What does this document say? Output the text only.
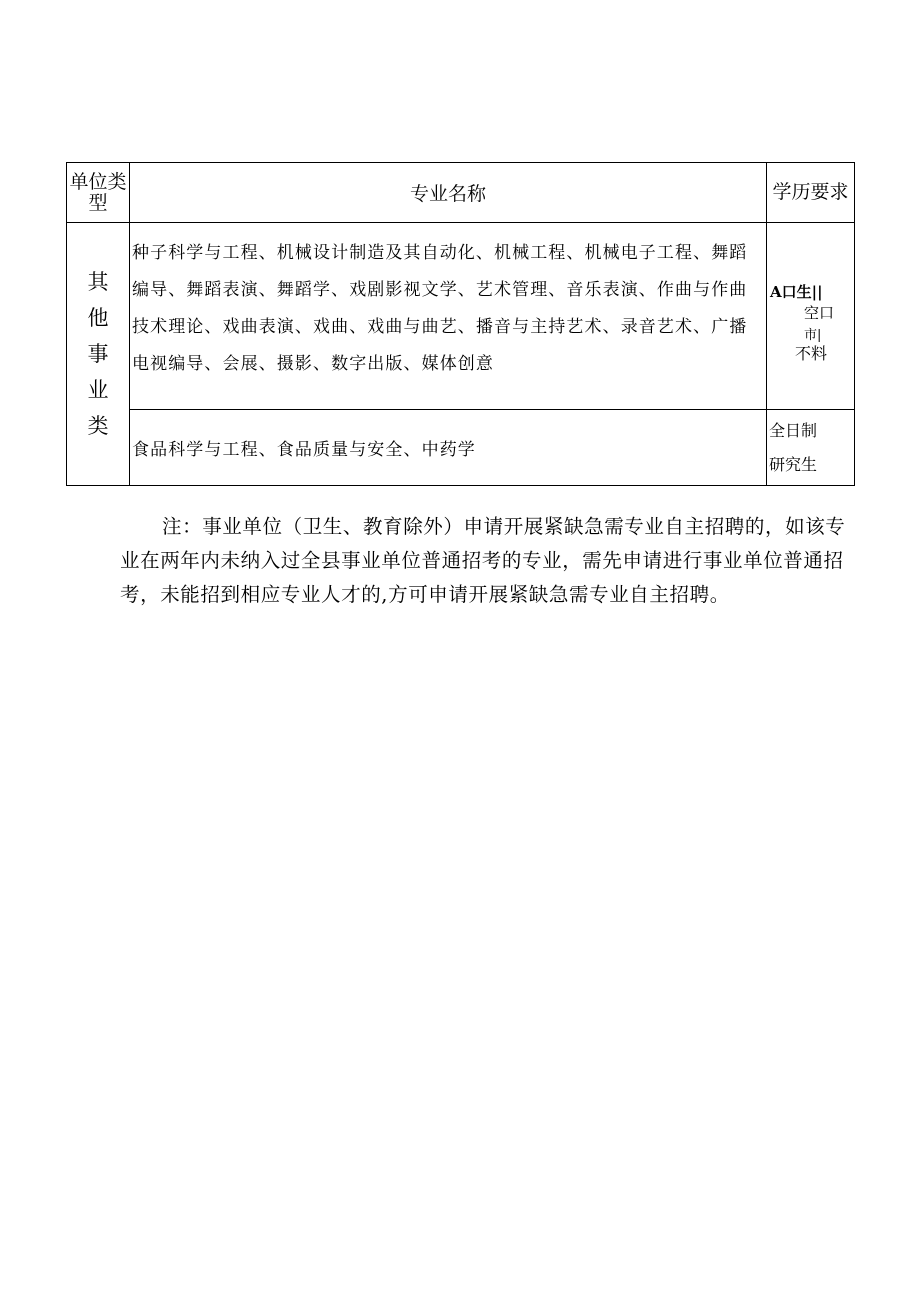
单位类型	专业名称	学历要求

其
他
事
业
类	种子科学与工程、机械设计制造及其自动化、机械工程、机械电子工程、舞蹈编导、舞蹈表演、舞蹈学、戏剧影视文学、艺术管理、音乐表演、作曲与作曲技术理论、戏曲表演、戏曲、戏曲与曲艺、播音与主持艺术、录音艺术、广播电视编导、会展、摄影、数字出版、媒体创意	A口生||
空口
市|
不料

	食品科学与工程、食品质量与安全、中药学	全日制
研究生
注：事业单位（卫生、教育除外）申请开展紧缺急需专业自主招聘的，如该专业在两年内未纳入过全县事业单位普通招考的专业，需先申请进行事业单位普通招考，未能招到相应专业人才的,方可申请开展紧缺急需专业自主招聘。
